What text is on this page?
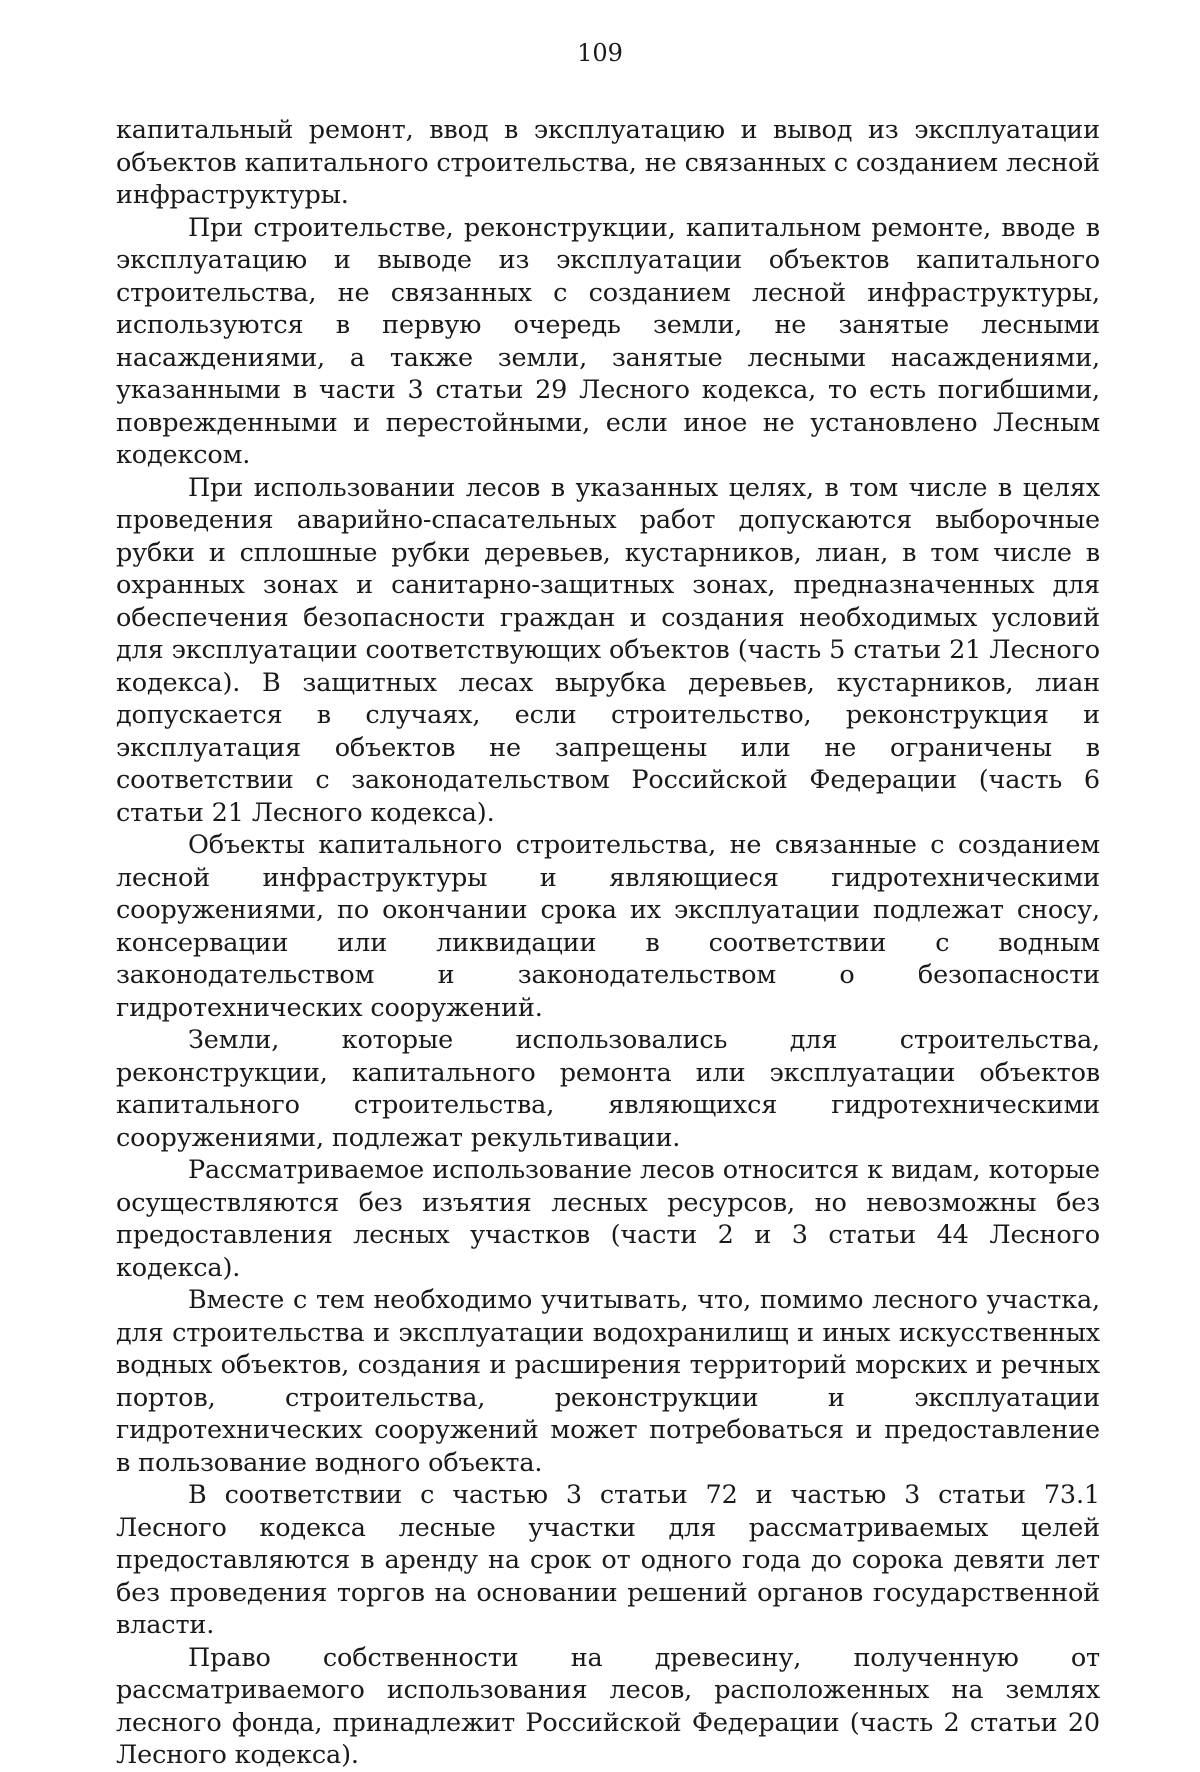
109

капитальный ремонт, ввод в эксплуатацию и вывод из эксплуатации объектов капитального строительства, не связанных с созданием лесной инфраструктуры.

При строительстве, реконструкции, капитальном ремонте, вводе в эксплуатацию и выводе из эксплуатации объектов капитального строительства, не связанных с созданием лесной инфраструктуры, используются в первую очередь земли, не занятые лесными насаждениями, а также земли, занятые лесными насаждениями, указанными в части 3 статьи 29 Лесного кодекса, то есть погибшими, поврежденными и перестойными, если иное не установлено Лесным кодексом.

При использовании лесов в указанных целях, в том числе в целях проведения аварийно-спасательных работ допускаются выборочные рубки и сплошные рубки деревьев, кустарников, лиан, в том числе в охранных зонах и санитарно-защитных зонах, предназначенных для обеспечения безопасности граждан и создания необходимых условий для эксплуатации соответствующих объектов (часть 5 статьи 21 Лесного кодекса). В защитных лесах вырубка деревьев, кустарников, лиан допускается в случаях, если строительство, реконструкция и эксплуатация объектов не запрещены или не ограничены в соответствии с законодательством Российской Федерации (часть 6 статьи 21 Лесного кодекса).

Объекты капитального строительства, не связанные с созданием лесной инфраструктуры и являющиеся гидротехническими сооружениями, по окончании срока их эксплуатации подлежат сносу, консервации или ликвидации в соответствии с водным законодательством и законодательством о безопасности гидротехнических сооружений.

Земли, которые использовались для строительства, реконструкции, капитального ремонта или эксплуатации объектов капитального строительства, являющихся гидротехническими сооружениями, подлежат рекультивации.

Рассматриваемое использование лесов относится к видам, которые осуществляются без изъятия лесных ресурсов, но невозможны без предоставления лесных участков (части 2 и 3 статьи 44 Лесного кодекса).

Вместе с тем необходимо учитывать, что, помимо лесного участка, для строительства и эксплуатации водохранилищ и иных искусственных водных объектов, создания и расширения территорий морских и речных портов, строительства, реконструкции и эксплуатации гидротехнических сооружений может потребоваться и предоставление в пользование водного объекта.

В соответствии с частью 3 статьи 72 и частью 3 статьи 73.1 Лесного кодекса лесные участки для рассматриваемых целей предоставляются в аренду на срок от одного года до сорока девяти лет без проведения торгов на основании решений органов государственной власти.

Право собственности на древесину, полученную от рассматриваемого использования лесов, расположенных на землях лесного фонда, принадлежит Российской Федерации (часть 2 статьи 20 Лесного кодекса).
